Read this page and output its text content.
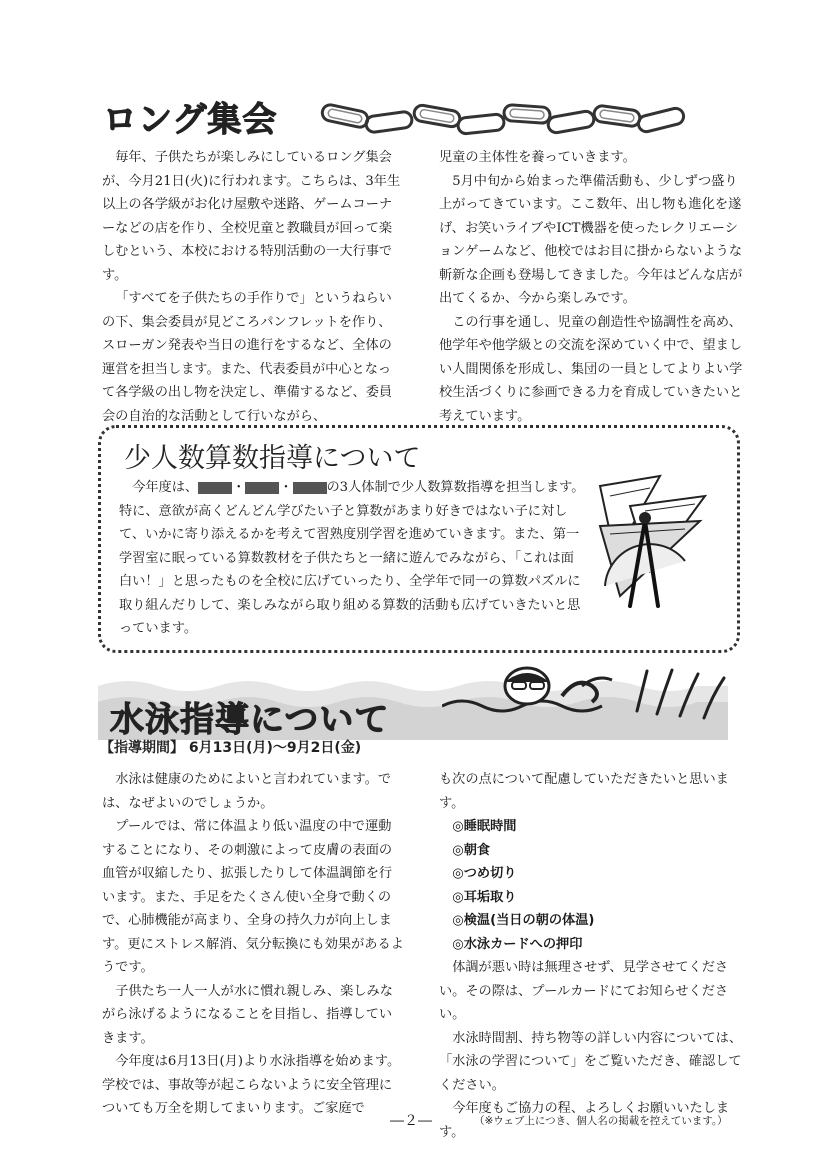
ロング集会

毎年、子供たちが楽しみにしているロング集会が、今月21日(火)に行われます。こちらは、3年生以上の各学級がお化け屋敷や迷路、ゲームコーナーなどの店を作り、全校児童と教職員が回って楽しむという、本校における特別活動の一大行事です。

「すべてを子供たちの手作りで」というねらいの下、集会委員が見どころパンフレットを作り、スローガン発表や当日の進行をするなど、全体の運営を担当します。また、代表委員が中心となって各学級の出し物を決定し、準備するなど、委員会の自治的な活動として行いながら、

児童の主体性を養っていきます。

5月中旬から始まった準備活動も、少しずつ盛り上がってきています。ここ数年、出し物も進化を遂げ、お笑いライブやICT機器を使ったレクリエーションゲームなど、他校ではお目に掛からないような斬新な企画も登場してきました。今年はどんな店が出てくるか、今から楽しみです。

この行事を通し、児童の創造性や協調性を高め、他学年や他学級との交流を深めていく中で、望ましい人間関係を形成し、集団の一員としてよりよい学校生活づくりに参画できる力を育成していきたいと考えています。

少人数算数指導について

今年度は、	・	・	の3人体制で少人数算数指導を担当します。特に、意欲が高くどんどん学びたい子と算数があまり好きではない子に対して、いかに寄り添えるかを考えて習熟度別学習を進めていきます。また、第一学習室に眠っている算数教材を子供たちと一緒に遊んでみながら、「これは面白い！」と思ったものを全校に広げていったり、全学年で同一の算数パズルに取り組んだりして、楽しみながら取り組める算数的活動も広げていきたいと思っています。

水泳指導について
【指導期間】 6月13日(月)～9月2日(金)

水泳は健康のためによいと言われています。では、なぜよいのでしょうか。

プールでは、常に体温より低い温度の中で運動することになり、その刺激によって皮膚の表面の血管が収縮したり、拡張したりして体温調節を行います。また、手足をたくさん使い全身で動くので、心肺機能が高まり、全身の持久力が向上します。更にストレス解消、気分転換にも効果があるようです。

子供たち一人一人が水に慣れ親しみ、楽しみながら泳げるようになることを目指し、指導していきます。

今年度は6月13日(月)より水泳指導を始めます。学校では、事故等が起こらないように安全管理についても万全を期してまいります。ご家庭で

も次の点について配慮していただきたいと思います。

◎睡眠時間

◎朝食

◎つめ切り

◎耳垢取り

◎検温(当日の朝の体温)

◎水泳カードへの押印

体調が悪い時は無理させず、見学させてください。その際は、プールカードにてお知らせください。

水泳時間割、持ち物等の詳しい内容については、「水泳の学習について」をご覧いただき、確認してください。

今年度もご協力の程、よろしくお願いいたします。

―２―	（※ウェブ上につき、個人名の掲載を控えています。）
